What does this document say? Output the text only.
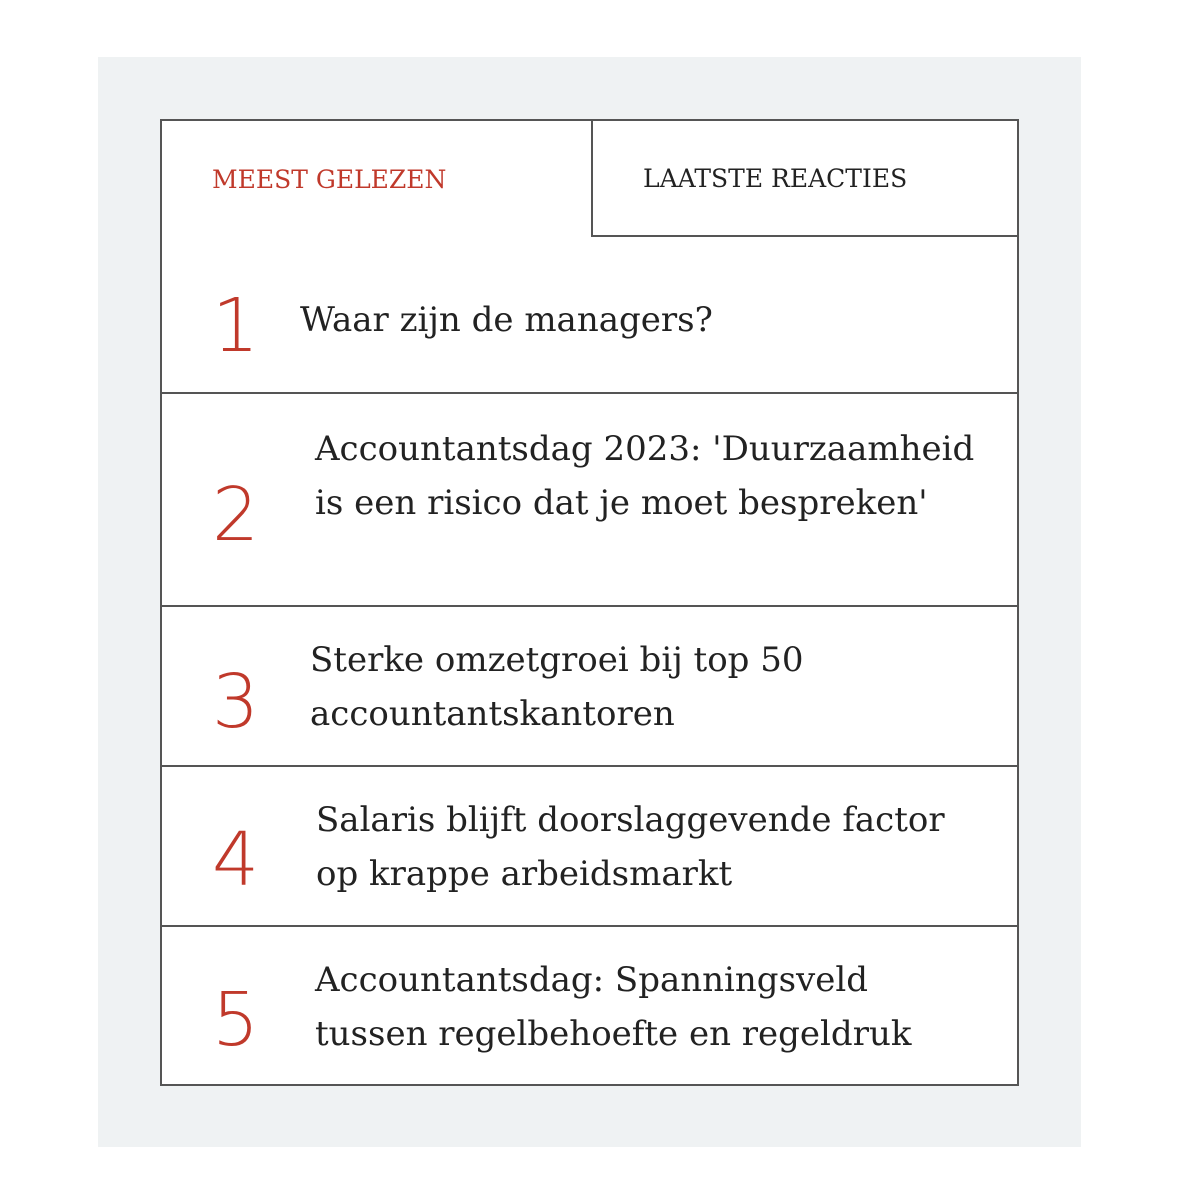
MEEST GELEZEN	LAATSTE REACTIES
1 Waar zijn de managers?
2
Accountantsdag 2023: 'Duurzaamheid is een risico dat je moet bespreken'
3 Sterke omzetgroei bij top 50 accountantskantoren
4 Salaris blijft doorslaggevende factor op krappe arbeidsmarkt
5 Accountantsdag: Spanningsveld tussen regelbehoefte en regeldruk
